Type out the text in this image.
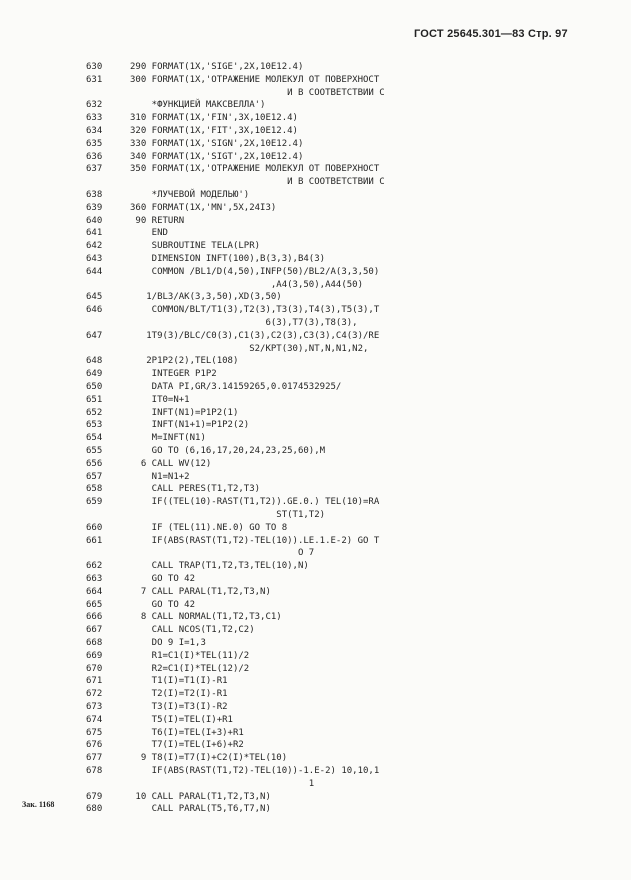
ГОСТ 25645.301—83 Стр. 97
630	290 FORMAT(1X,'SIGE',2X,10E12.4)
631	300 FORMAT(1X,'ОТРАЖЕНИЕ МОЛЕКУЛ ОТ ПОВЕРХНОСТ
И В СООТВЕТСТВИИ С
632	*ФУНКЦИЕЙ МАКСВЕЛЛА')
633	310 FORMAT(1X,'FIN',3X,10E12.4)
634	320 FORMAT(1X,'FIT',3X,10E12.4)
635	330 FORMAT(1X,'SIGN',2X,10E12.4)
636	340 FORMAT(1X,'SIGT',2X,10E12.4)
637	350 FORMAT(1X,'ОТРАЖЕНИЕ МОЛЕКУЛ ОТ ПОВЕРХНОСТ
И В СООТВЕТСТВИИ С
638	*ЛУЧЕВОЙ МОДЕЛЬЮ')
639	360 FORMAT(1X,'MN',5X,24I3)
640	90 RETURN
641	END
642	SUBROUTINE TELA(LPR)
643	DIMENSION INFT(100),B(3,3),B4(3)
644	COMMON /BL1/D(4,50),INFP(50)/BL2/A(3,3,50)
,A4(3,50),A44(50)
645	1/BL3/AK(3,3,50),XD(3,50)
646	COMMON/BLT/T1(3),T2(3),T3(3),T4(3),T5(3),T
6(3),T7(3),T8(3),
647	1T9(3)/BLC/C0(3),C1(3),C2(3),C3(3),C4(3)/RE
S2/KPT(30),NT,N,N1,N2,
648	2P1P2(2),TEL(108)
649	INTEGER P1P2
650	DATA PI,GR/3.14159265,0.0174532925/
651	IT0=N+1
652	INFT(N1)=P1P2(1)
653	INFT(N1+1)=P1P2(2)
654	M=INFT(N1)
655	GO TO (6,16,17,20,24,23,25,60),M
656	6 CALL WV(12)
657	N1=N1+2
658	CALL PERES(T1,T2,T3)
659	IF((TEL(10)-RAST(T1,T2)).GE.0.) TEL(10)=RA
ST(T1,T2)
660	IF (TEL(11).NE.0) GO TO 8
661	IF(ABS(RAST(T1,T2)-TEL(10)).LE.1.E-2) GO T
O 7
662	CALL TRAP(T1,T2,T3,TEL(10),N)
663	GO TO 42
664	7 CALL PARAL(T1,T2,T3,N)
665	GO TO 42
666	8 CALL NORMAL(T1,T2,T3,C1)
667	CALL NCOS(T1,T2,C2)
668	DO 9 I=1,3
669	R1=C1(I)*TEL(11)/2
670	R2=C1(I)*TEL(12)/2
671	T1(I)=T1(I)-R1
672	T2(I)=T2(I)-R1
673	T3(I)=T3(I)-R2
674	T5(I)=TEL(I)+R1
675	T6(I)=TEL(I+3)+R1
676	T7(I)=TEL(I+6)+R2
677	9 T8(I)=T7(I)+C2(I)*TEL(10)
678	IF(ABS(RAST(T1,T2)-TEL(10))-1.E-2) 10,10,1
1
679	10 CALL PARAL(T1,T2,T3,N)
680	CALL PARAL(T5,T6,T7,N)
Зак. 1168
